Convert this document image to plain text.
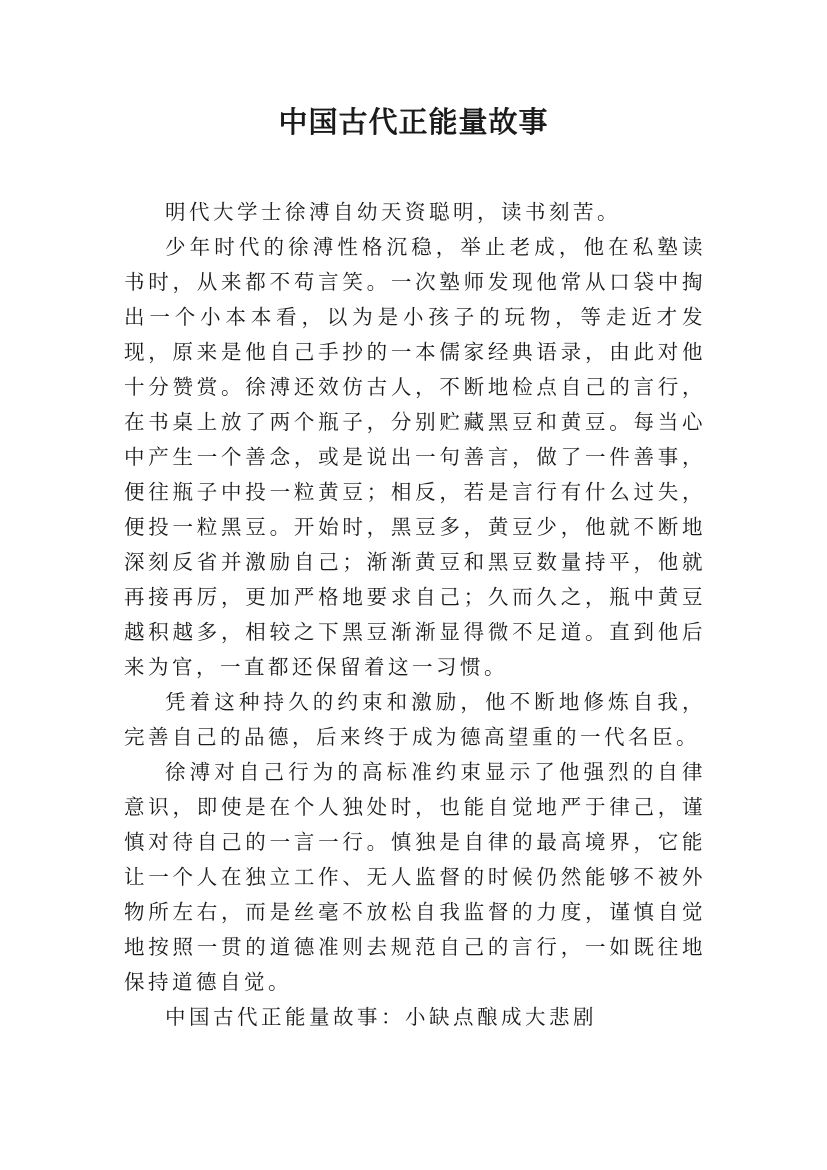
中国古代正能量故事

明代大学士徐溥自幼天资聪明，读书刻苦。

少年时代的徐溥性格沉稳，举止老成，他在私塾读书时，从来都不苟言笑。一次塾师发现他常从口袋中掏出一个小本本看，以为是小孩子的玩物，等走近才发现，原来是他自己手抄的一本儒家经典语录，由此对他十分赞赏。徐溥还效仿古人，不断地检点自己的言行，在书桌上放了两个瓶子，分别贮藏黑豆和黄豆。每当心中产生一个善念，或是说出一句善言，做了一件善事，便往瓶子中投一粒黄豆；相反，若是言行有什么过失，便投一粒黑豆。开始时，黑豆多，黄豆少，他就不断地深刻反省并激励自己；渐渐黄豆和黑豆数量持平，他就再接再厉，更加严格地要求自己；久而久之，瓶中黄豆越积越多，相较之下黑豆渐渐显得微不足道。直到他后来为官，一直都还保留着这一习惯。

凭着这种持久的约束和激励，他不断地修炼自我，完善自己的品德，后来终于成为德高望重的一代名臣。

徐溥对自己行为的高标准约束显示了他强烈的自律意识，即使是在个人独处时，也能自觉地严于律己，谨慎对待自己的一言一行。慎独是自律的最高境界，它能让一个人在独立工作、无人监督的时候仍然能够不被外物所左右，而是丝毫不放松自我监督的力度，谨慎自觉地按照一贯的道德准则去规范自己的言行，一如既往地保持道德自觉。

中国古代正能量故事：小缺点酿成大悲剧
